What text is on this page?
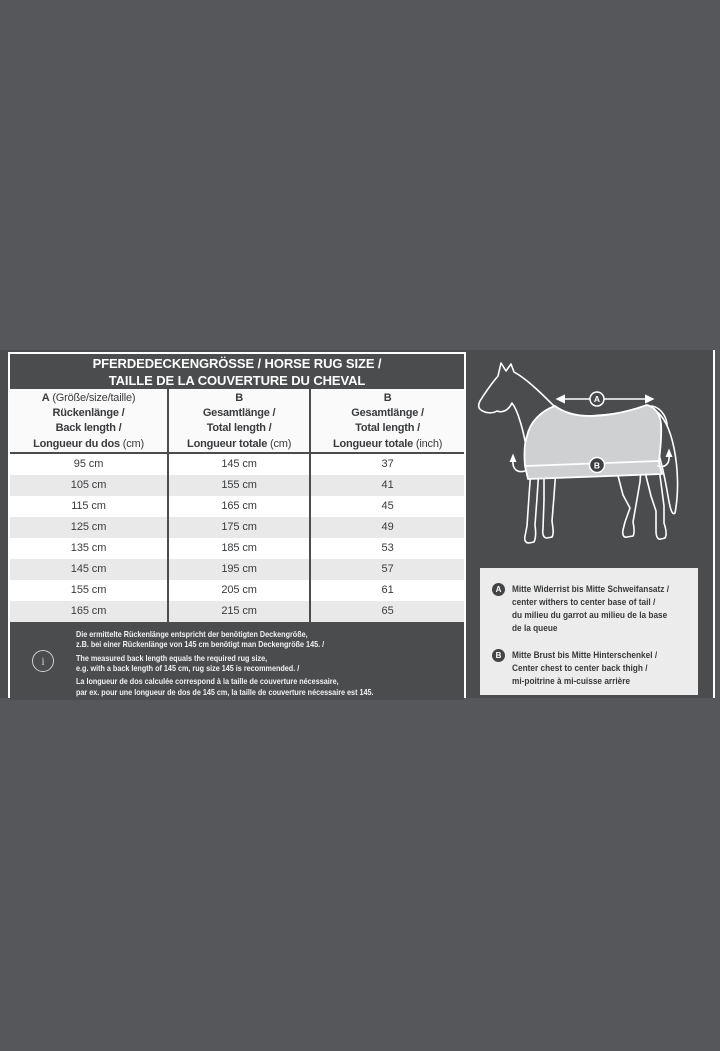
PFERDEDECKENGRÖSSE / HORSE RUG SIZE /
TAILLE DE LA COUVERTURE DU CHEVAL
A (Größe/size/taille)
Rückenlänge /
Back length /
Longueur du dos (cm)
B
Gesamtlänge /
Total length /
Longueur totale (cm)
B
Gesamtlänge /
Total length /
Longueur totale (inch)
95 cm	145 cm	37
105 cm	155 cm	41
115 cm	165 cm	45
125 cm	175 cm	49
135 cm	185 cm	53
145 cm	195 cm	57
155 cm	205 cm	61
165 cm	215 cm	65
i
Die ermittelte Rückenlänge entspricht der benötigten Deckengröße,
z.B. bei einer Rückenlänge von 145 cm benötigt man Deckengröße 145. /
The measured back length equals the required rug size,
e.g. with a back length of 145 cm, rug size 145 is recommended. /
La longueur de dos calculée correspond à la taille de couverture nécessaire,
par ex. pour une longueur de dos de 145 cm, la taille de couverture nécessaire est 145.
A
B
A	Mitte Widerrist bis Mitte Schweifansatz /
center withers to center base of tail /
du milieu du garrot au milieu de la base
de la queue
B	Mitte Brust bis Mitte Hinterschenkel /
Center chest to center back thigh /
mi-poitrine à mi-cuisse arrière
